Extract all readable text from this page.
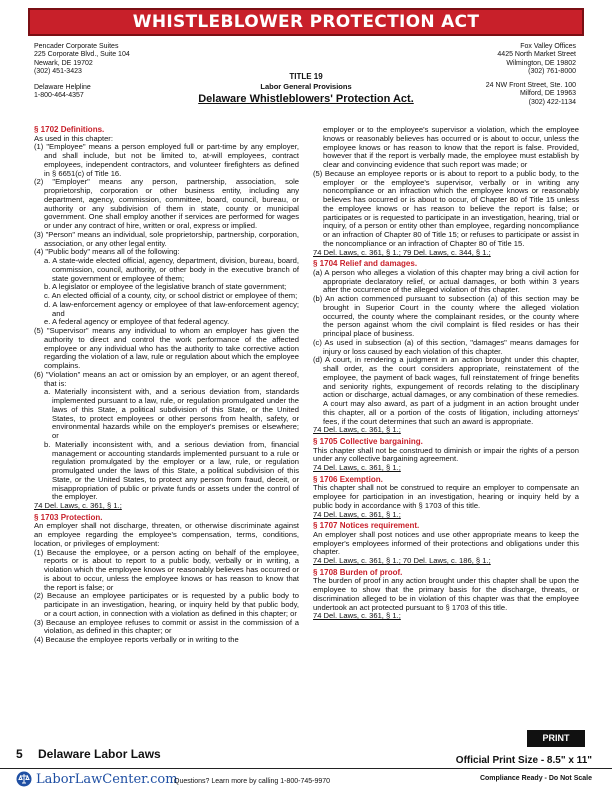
WHISTLEBLOWER PROTECTION ACT
Pencader Corporate Suites
225 Corporate Blvd., Suite 104
Newark, DE 19702
(302) 451-3423
Delaware Helpline
1-800-464-4357
Fox Valley Offices
4425 North Market Street
Wilmington, DE 19802
(302) 761-8000
24 NW Front Street, Ste. 100
Milford, DE 19963
(302) 422-1134
TITLE 19
Labor General Provisions
Delaware Whistleblowers' Protection Act.
§ 1702 Definitions.
As used in this chapter:
(1) "Employee" means a person employed full or part-time by any employer, and shall include, but not be limited to, at-will employees, contract employees, independent contractors, and volunteer firefighters as defined in § 6651(c) of Title 16.
(2) "Employer" means any person, partnership, association, sole proprietorship, corporation or other business entity, including any department, agency, commission, committee, board, council, bureau, or authority or any subdivision of them in state, county or municipal government. One shall employ another if services are performed for wages or under any contract of hire, written or oral, express or implied.
(3) "Person" means an individual, sole proprietorship, partnership, corporation, association, or any other legal entity.
(4) "Public body" means all of the following:
a. A state-wide elected official, agency, department, division, bureau, board, commission, council, authority, or other body in the executive branch of state government or employee of them;
b. A legislator or employee of the legislative branch of state government;
c. An elected official of a county, city, or school district or employee of them;
d. A law-enforcement agency or employee of that law-enforcement agency; and
e. A federal agency or employee of that federal agency.
(5) "Supervisor" means any individual to whom an employer has given the authority to direct and control the work performance of the affected employee or any individual who has the authority to take corrective action regarding the violation of a law, rule or regulation about which the employee complains.
(6) "Violation" means an act or omission by an employer, or an agent thereof, that is:
a. Materially inconsistent with, and a serious deviation from, standards implemented pursuant to a law, rule, or regulation promulgated under the laws of this State, a political subdivision of this State, or the United States, to protect employees or other persons from health, safety, or environmental hazards while on the employer's premises or elsewhere; or
b. Materially inconsistent with, and a serious deviation from, financial management or accounting standards implemented pursuant to a rule or regulation promulgated by the employer or a law, rule, or regulation promulgated under the laws of this State, a political subdivision of this State, or the United States, to protect any person from fraud, deceit, or misappropriation of public or private funds or assets under the control of the employer.
74 Del. Laws, c. 361, § 1.;
§ 1703 Protection.
An employer shall not discharge, threaten, or otherwise discriminate against an employee regarding the employee's compensation, terms, conditions, location, or privileges of employment:
(1) Because the employee, or a person acting on behalf of the employee, reports or is about to report to a public body, verbally or in writing, a violation which the employee knows or reasonably believes has occurred or is about to occur, unless the employee knows or has reason to know that the report is false; or
(2) Because an employee participates or is requested by a public body to participate in an investigation, hearing, or inquiry held by that public body, or a court action, in connection with a violation as defined in this chapter; or
(3) Because an employee refuses to commit or assist in the commission of a violation, as defined in this chapter; or
(4) Because the employee reports verbally or in writing to the
employer or to the employee's supervisor a violation, which the employee knows or reasonably believes has occurred or is about to occur, unless the employee knows or has reason to know that the report is false. Provided, however that if the report is verbally made, the employee must establish by clear and convincing evidence that such report was made; or
(5) Because an employee reports or is about to report to a public body, to the employer or the employee's supervisor, verbally or in writing any noncompliance or an infraction which the employee knows or reasonably believes has occurred or is about to occur, of Chapter 80 of Title 15 unless the employee knows or has reason to believe the report is false; or participates or is requested to participate in an investigation, hearing, trial or inquiry, of a person or entity other than employee, regarding noncompliance or an infraction of Chapter 80 of Title 15; or refuses to participate or assist in the noncompliance or an infraction of Chapter 80 of Title 15.
74 Del. Laws, c. 361, § 1.; 79 Del. Laws, c. 344, § 1.;
§ 1704 Relief and damages.
(a) A person who alleges a violation of this chapter may bring a civil action for appropriate declaratory relief, or actual damages, or both within 3 years after the occurrence of the alleged violation of this chapter.
(b) An action commenced pursuant to subsection (a) of this section may be brought in Superior Court in the county where the alleged violation occurred, the county where the complainant resides, or the county where the person against whom the civil complaint is filed resides or has their principal place of business.
(c) As used in subsection (a) of this section, "damages" means damages for injury or loss caused by each violation of this chapter.
(d) A court, in rendering a judgment in an action brought under this chapter, shall order, as the court considers appropriate, reinstatement of the employee, the payment of back wages, full reinstatement of fringe benefits and seniority rights, expungement of records relating to the disciplinary action or discharge, actual damages, or any combination of these remedies. A court may also award, as part of a judgment in an action brought under this chapter, all or a portion of the costs of litigation, including attorneys' fees, if the court determines that such an award is appropriate.
74 Del. Laws, c. 361, § 1.;
§ 1705 Collective bargaining.
This chapter shall not be construed to diminish or impair the rights of a person under any collective bargaining agreement.
74 Del. Laws, c. 361, § 1.;
§ 1706 Exemption.
This chapter shall not be construed to require an employer to compensate an employee for participation in an investigation, hearing or inquiry held by a public body in accordance with § 1703 of this title.
74 Del. Laws, c. 361, § 1.;
§ 1707 Notices requirement.
An employer shall post notices and use other appropriate means to keep the employer's employees informed of their protections and obligations under this chapter.
74 Del. Laws, c. 361, § 1.; 70 Del. Laws, c. 186, § 1.;
§ 1708 Burden of proof.
The burden of proof in any action brought under this chapter shall be upon the employee to show that the primary basis for the discharge, threats, or discrimination alleged to be in violation of this chapter was that the employee undertook an act protected pursuant to § 1703 of this title.
74 Del. Laws, c. 361, § 1.;
PRINT
5 Delaware Labor Laws	Official Print Size - 8.5" x 11"
LaborLawCenter.com
Questions? Learn more by calling 1-800-745-9970	Compliance Ready - Do Not Scale
